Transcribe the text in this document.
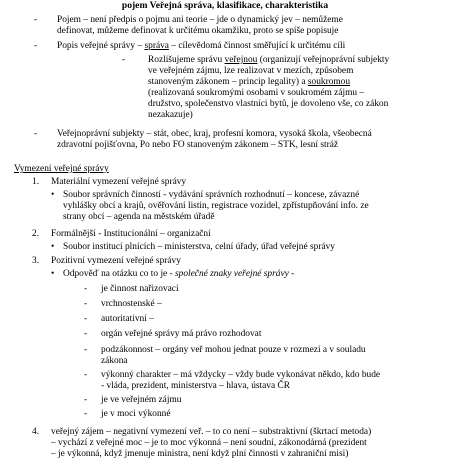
pojem Veřejná správa, klasifikace, charakteristika
- Pojem – není předpis o pojmu ani teorie – jde o dynamický jev – nemůžeme
definovat, můžeme definovat k určitému okamžiku, proto se spíše popisuje
- Popis veřejné správy – správa – cílevědomá činnost směřující k určitému cíli
- Rozlišujeme správu veřejnou (organizují veřejnoprávní subjekty
ve veřejném zájmu, lze realizovat v mezích, způsobem
stanoveným zákonem – princip legality) a soukromou
(realizovaná soukromými osobami v soukromém zájmu –
družstvo, společenstvo vlastníci bytů, je dovoleno vše, co zákon
nezakazuje)
- Veřejnoprávní subjekty – stát, obec, kraj, profesní komora, vysoká škola, všeobecná
zdravotní pojišťovna, Po nebo FO stanoveným zákonem – STK, lesní stráž
Vymezení veřejné správy
1. Materiální vymezení veřejné správy
• Soubor správních činností - vydávání správních rozhodnutí – koncese, závazné
vyhlášky obcí a krajů, ověřování listin, registrace vozidel, zpřístupňování info. ze
strany obcí – agenda na městském úřadě
2. Formálnější - Institucionální – organizační
• Soubor institucí plnících – ministerstva, celní úřady, úřad veřejné správy
3. Pozitivní vymezení veřejné správy
• Odpověď na otázku co to je - společné znaky veřejné správy -
- je činnost nařizovací
- vrchnostenské –
- autoritativní –
- orgán veřejné správy má právo rozhodovat
- podzákonnost – orgány veř mohou jednat pouze v rozmezí a v souladu
zákona
- výkonný charakter – má vždycky – vždy bude vykonávat někdo, kdo bude
- vláda, prezident, ministerstva – hlava, ústava ČR
- je ve veřejném zájmu
- je v moci výkonné
4. veřejný zájem – negativní vymezení veř. – to co není – substraktivní (škrtací metoda)
– vychází z veřejné moc – je to moc výkonná – není soudní, zákonodárná (prezident
– je výkonná, když jmenuje ministra, není když plní činnosti v zahraniční misi)
